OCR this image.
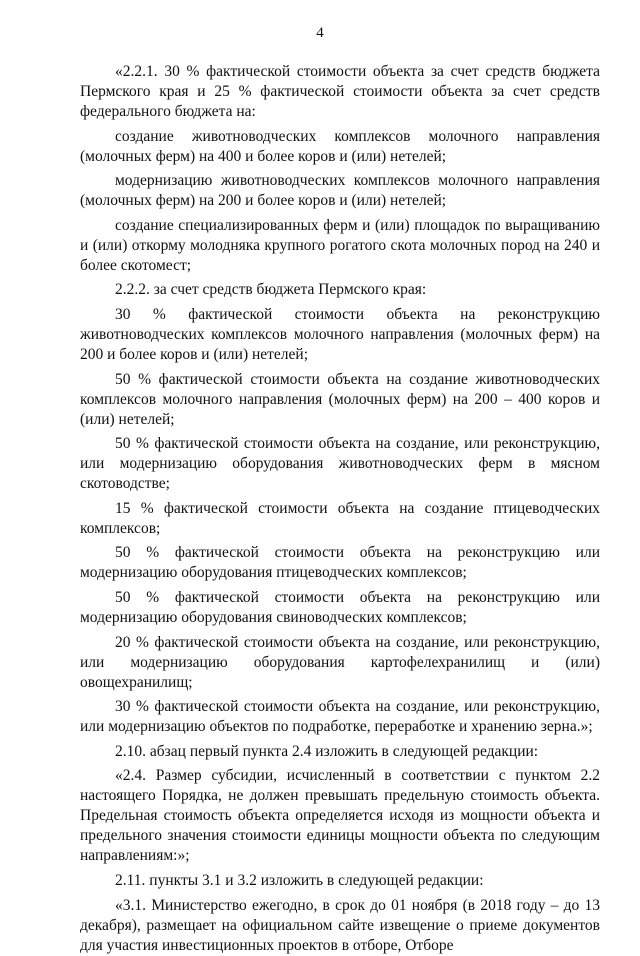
4

«2.2.1. 30 % фактической стоимости объекта за счет средств бюджета Пермского края и 25 % фактической стоимости объекта за счет средств федерального бюджета на:

создание животноводческих комплексов молочного направления (молочных ферм) на 400 и более коров и (или) нетелей;

модернизацию животноводческих комплексов молочного направления (молочных ферм) на 200 и более коров и (или) нетелей;

создание специализированных ферм и (или) площадок по выращиванию и (или) откорму молодняка крупного рогатого скота молочных пород на 240 и более скотомест;

2.2.2. за счет средств бюджета Пермского края:

30 % фактической стоимости объекта на реконструкцию животноводческих комплексов молочного направления (молочных ферм) на 200 и более коров и (или) нетелей;

50 % фактической стоимости объекта на создание животноводческих комплексов молочного направления (молочных ферм) на 200 – 400 коров и (или) нетелей;

50 % фактической стоимости объекта на создание, или реконструкцию, или модернизацию оборудования животноводческих ферм в мясном скотоводстве;

15 % фактической стоимости объекта на создание птицеводческих комплексов;

50 % фактической стоимости объекта на реконструкцию или модернизацию оборудования птицеводческих комплексов;

50 % фактической стоимости объекта на реконструкцию или модернизацию оборудования свиноводческих комплексов;

20 % фактической стоимости объекта на создание, или реконструкцию, или модернизацию оборудования картофелехранилищ и (или) овощехранилищ;

30 % фактической стоимости объекта на создание, или реконструкцию, или модернизацию объектов по подработке, переработке и хранению зерна.»;

2.10. абзац первый пункта 2.4 изложить в следующей редакции:

«2.4. Размер субсидии, исчисленный в соответствии с пунктом 2.2 настоящего Порядка, не должен превышать предельную стоимость объекта. Предельная стоимость объекта определяется исходя из мощности объекта и предельного значения стоимости единицы мощности объекта по следующим направлениям:»;

2.11. пункты 3.1 и 3.2 изложить в следующей редакции:

«3.1. Министерство ежегодно, в срок до 01 ноября (в 2018 году – до 13 декабря), размещает на официальном сайте извещение о приеме документов для участия инвестиционных проектов в отборе, Отборе
